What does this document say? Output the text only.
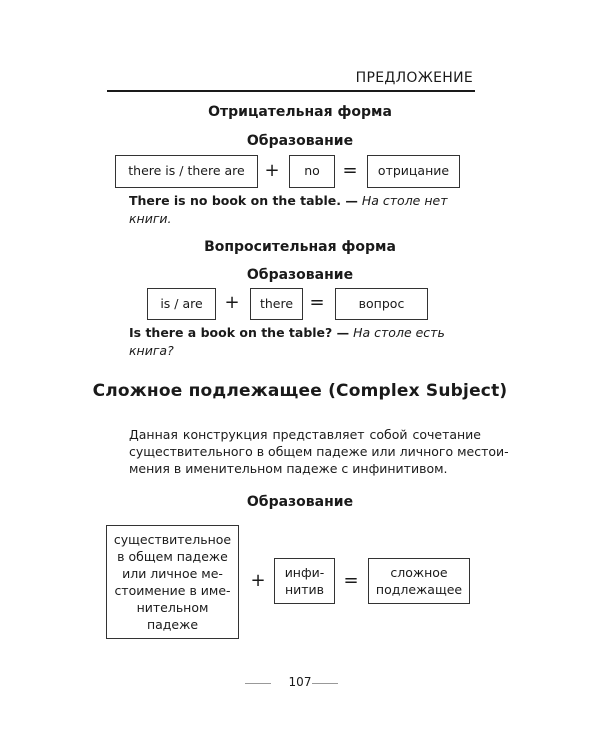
ПРЕДЛОЖЕНИЕ
Отрицательная форма
Образование
there is / there are	+	no	=	отрицание
There is no book on the table. — На столе нет
книги.
Вопросительная форма
Образование
is / are	+	there =	вопрос
Is there a book on the table? — На столе есть
книга?
Сложное подлежащее (Complex Subject)
Данная конструкция представляет собой сочетание
существительного в общем падеже или личного местои-
мения в именительном падеже с инфинитивом.
Образование
существительное
в общем падеже
или личное ме-
стоимение в име-
нительном
падеже
+ инфи-
нитив =	сложное
подлежащее
107
